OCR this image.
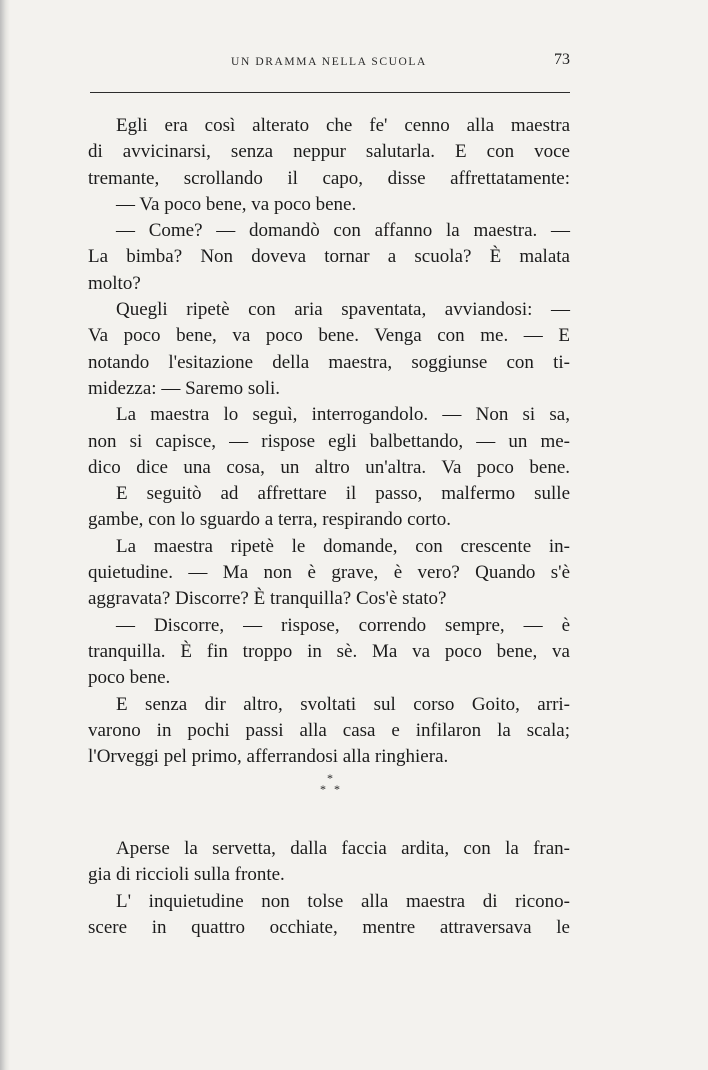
UN DRAMMA NELLA SCUOLA	73
Egli era così alterato che fe' cenno alla maestra
di avvicinarsi, senza neppur salutarla. E con voce
tremante, scrollando il capo, disse affrettatamente:
— Va poco bene, va poco bene.
— Come? — domandò con affanno la maestra. —
La bimba? Non doveva tornar a scuola? È malata
molto?
Quegli ripetè con aria spaventata, avviandosi: —
Va poco bene, va poco bene. Venga con me. — E
notando l'esitazione della maestra, soggiunse con ti-
midezza: — Saremo soli.
La maestra lo seguì, interrogandolo. — Non si sa,
non si capisce, — rispose egli balbettando, — un me-
dico dice una cosa, un altro un'altra. Va poco bene.
E seguitò ad affrettare il passo, malfermo sulle
gambe, con lo sguardo a terra, respirando corto.
La maestra ripetè le domande, con crescente in-
quietudine. — Ma non è grave, è vero? Quando s'è
aggravata? Discorre? È tranquilla? Cos'è stato?
— Discorre, — rispose, correndo sempre, — è
tranquilla. È fin troppo in sè. Ma va poco bene, va
poco bene.
E senza dir altro, svoltati sul corso Goito, arri-
varono in pochi passi alla casa e infilaron la scala;
l'Orveggi pel primo, afferrandosi alla ringhiera.
*
* *
Aperse la servetta, dalla faccia ardita, con la fran-
gia di riccioli sulla fronte.
L' inquietudine non tolse alla maestra di ricono-
scere in quattro occhiate, mentre attraversava le
